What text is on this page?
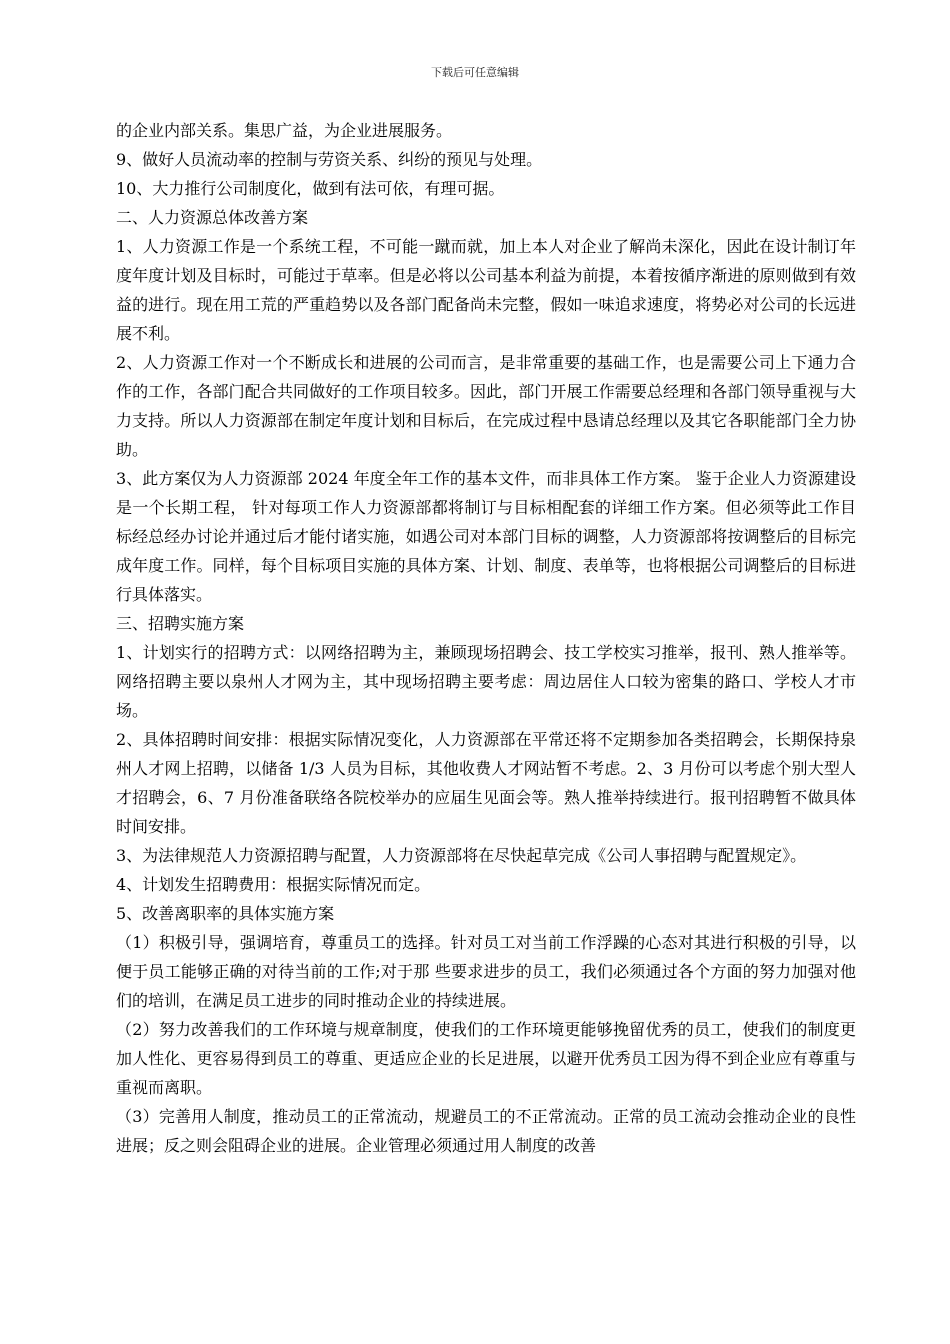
下载后可任意编辑

的企业内部关系。集思广益，为企业进展服务。

9、做好人员流动率的控制与劳资关系、纠纷的预见与处理。

10、大力推行公司制度化，做到有法可依，有理可据。

二、人力资源总体改善方案

1、人力资源工作是一个系统工程，不可能一蹴而就，加上本人对企业了解尚未深化，因此在设计制订年度年度计划及目标时，可能过于草率。但是必将以公司基本利益为前提，本着按循序渐进的原则做到有效益的进行。现在用工荒的严重趋势以及各部门配备尚未完整，假如一味追求速度，将势必对公司的长远进展不利。

2、人力资源工作对一个不断成长和进展的公司而言，是非常重要的基础工作，也是需要公司上下通力合作的工作，各部门配合共同做好的工作项目较多。因此，部门开展工作需要总经理和各部门领导重视与大力支持。所以人力资源部在制定年度计划和目标后，在完成过程中恳请总经理以及其它各职能部门全力协助。

3、此方案仅为人力资源部 2024 年度全年工作的基本文件，而非具体工作方案。 鉴于企业人力资源建设是一个长期工程， 针对每项工作人力资源部都将制订与目标相配套的详细工作方案。但必须等此工作目标经总经办讨论并通过后才能付诸实施，如遇公司对本部门目标的调整，人力资源部将按调整后的目标完成年度工作。同样，每个目标项目实施的具体方案、计划、制度、表单等，也将根据公司调整后的目标进行具体落实。

三、招聘实施方案

1、计划实行的招聘方式：以网络招聘为主，兼顾现场招聘会、技工学校实习推举，报刊、熟人推举等。网络招聘主要以泉州人才网为主，其中现场招聘主要考虑：周边居住人口较为密集的路口、学校人才市场。

2、具体招聘时间安排：根据实际情况变化，人力资源部在平常还将不定期参加各类招聘会，长期保持泉州人才网上招聘，以储备 1/3 人员为目标，其他收费人才网站暂不考虑。2、3 月份可以考虑个别大型人才招聘会，6、7 月份准备联络各院校举办的应届生见面会等。熟人推举持续进行。报刊招聘暂不做具体时间安排。

3、为法律规范人力资源招聘与配置，人力资源部将在尽快起草完成《公司人事招聘与配置规定》。

4、计划发生招聘费用：根据实际情况而定。

5、改善离职率的具体实施方案

（1）积极引导，强调培育，尊重员工的选择。针对员工对当前工作浮躁的心态对其进行积极的引导，以便于员工能够正确的对待当前的工作;对于那 些要求进步的员工，我们必须通过各个方面的努力加强对他们的培训，在满足员工进步的同时推动企业的持续进展。

（2）努力改善我们的工作环境与规章制度，使我们的工作环境更能够挽留优秀的员工，使我们的制度更加人性化、更容易得到员工的尊重、更适应企业的长足进展，以避开优秀员工因为得不到企业应有尊重与重视而离职。

（3）完善用人制度，推动员工的正常流动，规避员工的不正常流动。正常的员工流动会推动企业的良性进展；反之则会阻碍企业的进展。企业管理必须通过用人制度的改善
